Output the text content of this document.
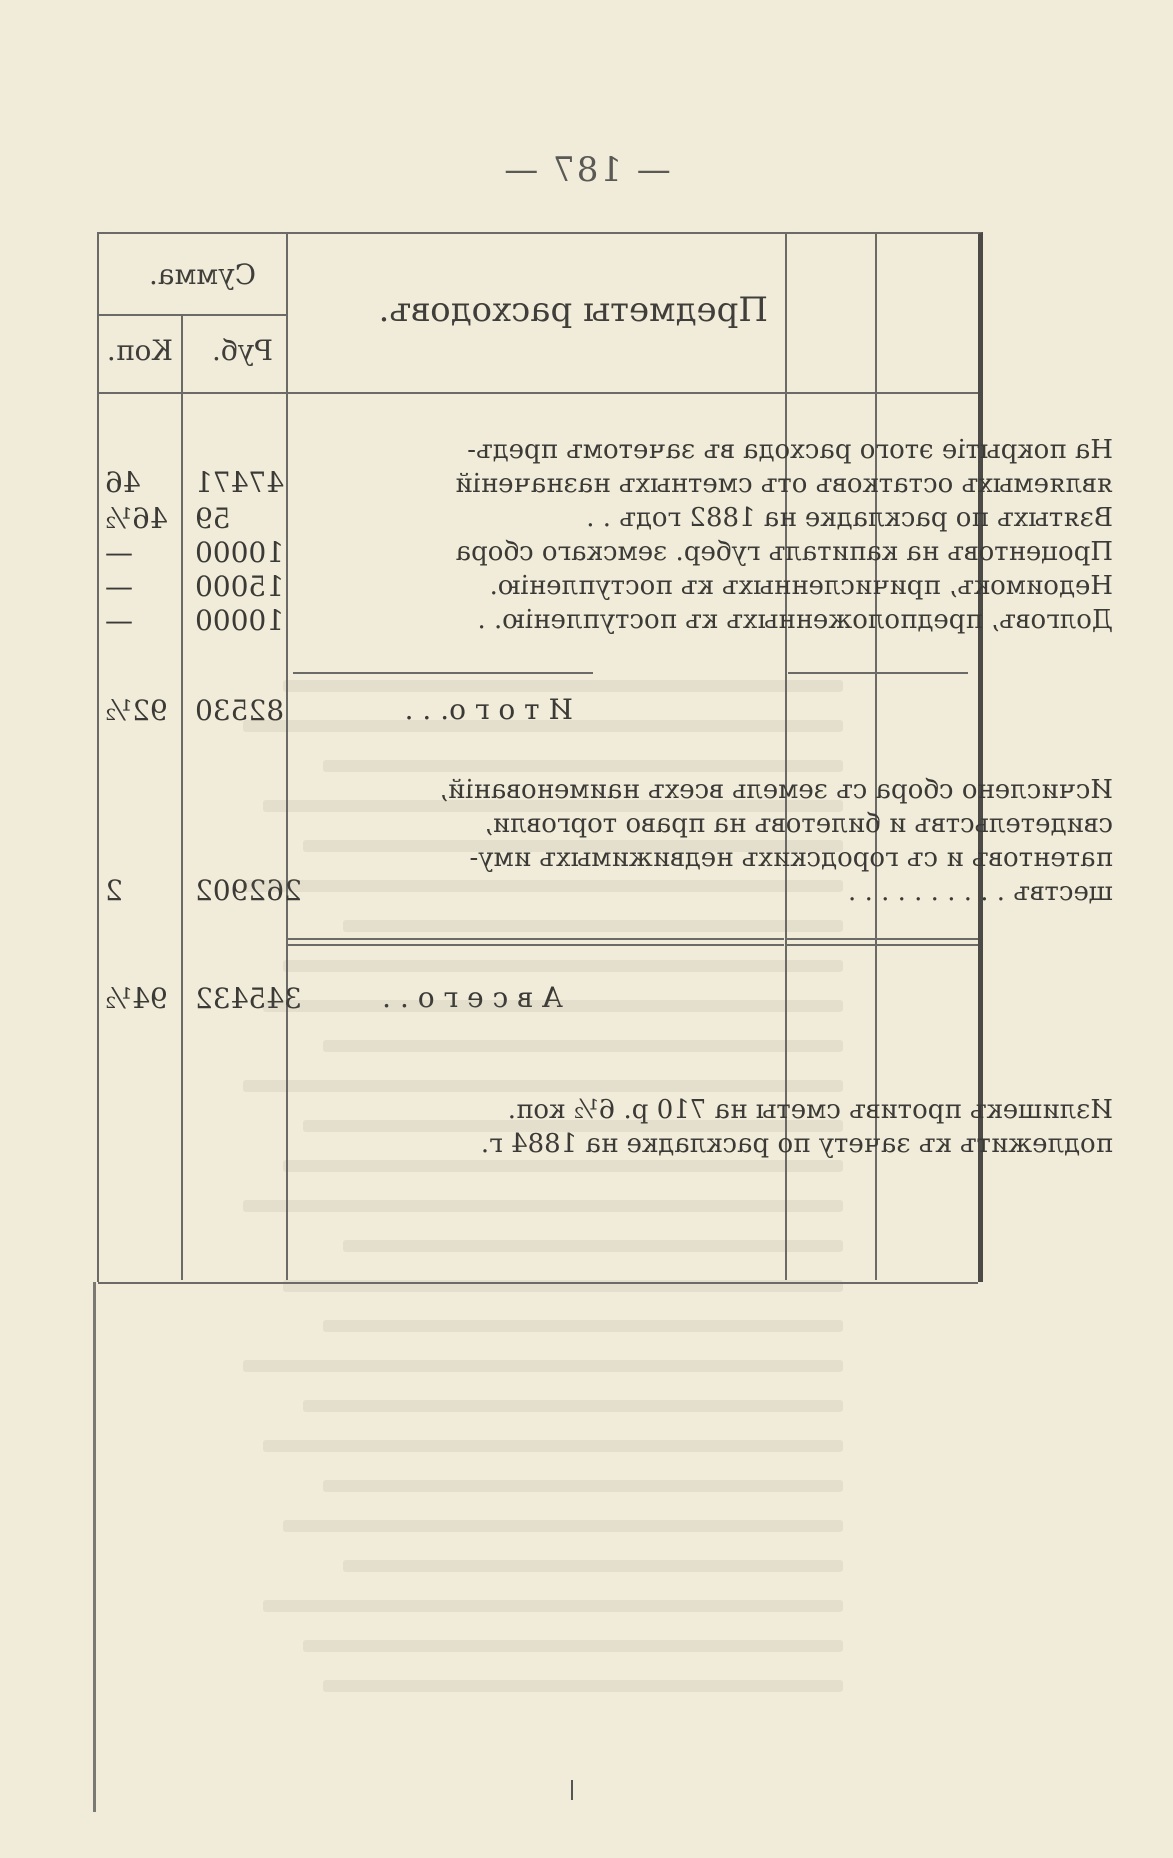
— 187 —
Предметы расходовъ.
Сумма.
Руб.
Коп.
На покрытіе этого расхода въ зачетомъ предъ-
являемыхъ остатковъ отъ сметныхъ назначеній
Взятыхъ по раскладке на 1882 годъ . .
Процентовъ на капиталъ губер. земскаго сбора
Недоимокъ, причисленныхъ къ поступленію.
Долговъ, предположенныхъ къ поступленію. .
47471
46
59
46½
10000
—
15000
—
10000
—
И т о г о. . .
82530
92½
Исчислено сбора съ земель всехъ наименованій,
свидетельствъ и билетовъ на право торговли,
патентовъ и съ городскихъ недвижимыхъ иму-
ществъ . . . . . . . . . .
262902
2
А в с е г о . .
345432
94½
Излишекъ противъ сметы на 710 р. 6½ коп.
подлежитъ къ зачету по раскладке на 1884 г.
